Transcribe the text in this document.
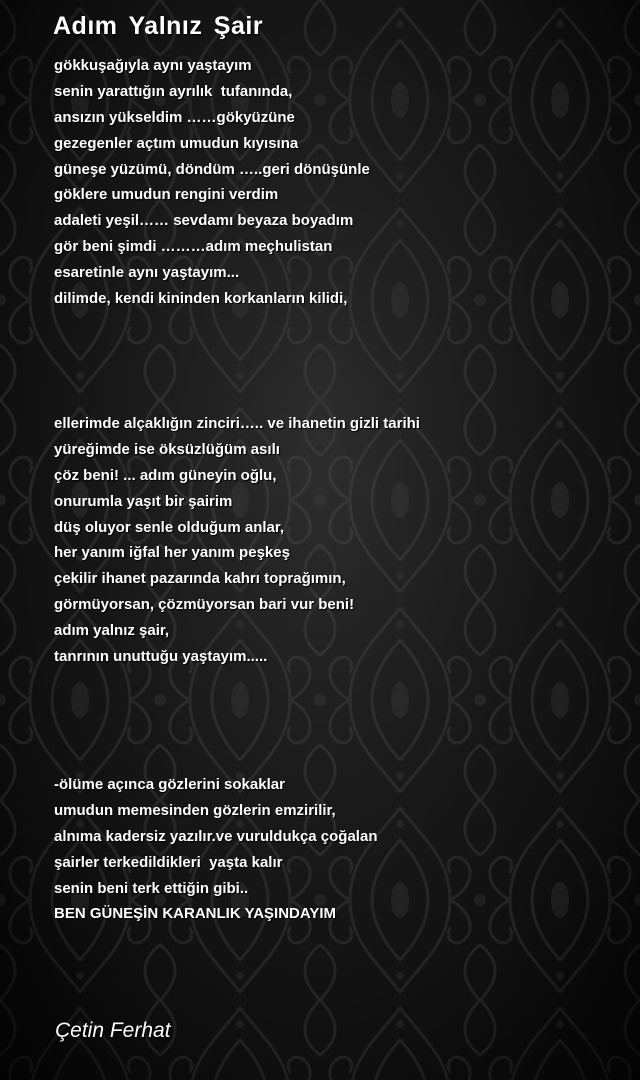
Adım Yalnız Şair
gökkuşağıyla aynı yaştayım
senin yarattığın ayrılık  tufanında,
ansızın yükseldim ……gökyüzüne
gezegenler açtım umudun kıyısına
güneşe yüzümü, döndüm …..geri dönüşünle
göklere umudun rengini verdim
adaleti yeşil…… sevdamı beyaza boyadım
gör beni şimdi ………adım meçhulistan
esaretinle aynı yaştayım...
dilimde, kendi kininden korkanların kilidi,
ellerimde alçaklığın zinciri….. ve ihanetin gizli tarihi
yüreğimde ise öksüzlüğüm asılı
çöz beni! ... adım güneyin oğlu,
onurumla yaşıt bir şairim
düş oluyor senle olduğum anlar,
her yanım iğfal her yanım peşkeş
çekilir ihanet pazarında kahrı toprağımın,
görmüyorsan, çözmüyorsan bari vur beni!
adım yalnız şair,
tanrının unuttuğu yaştayım.....
-ölüme açınca gözlerini sokaklar
umudun memesinden gözlerin emzirilir,
alnıma kadersiz yazılır.ve vuruldukça çoğalan
şairler terkedildikleri  yaşta kalır
senin beni terk ettiğin gibi..
BEN GÜNEŞİN KARANLIK YAŞINDAYIM

Çetin Ferhat
